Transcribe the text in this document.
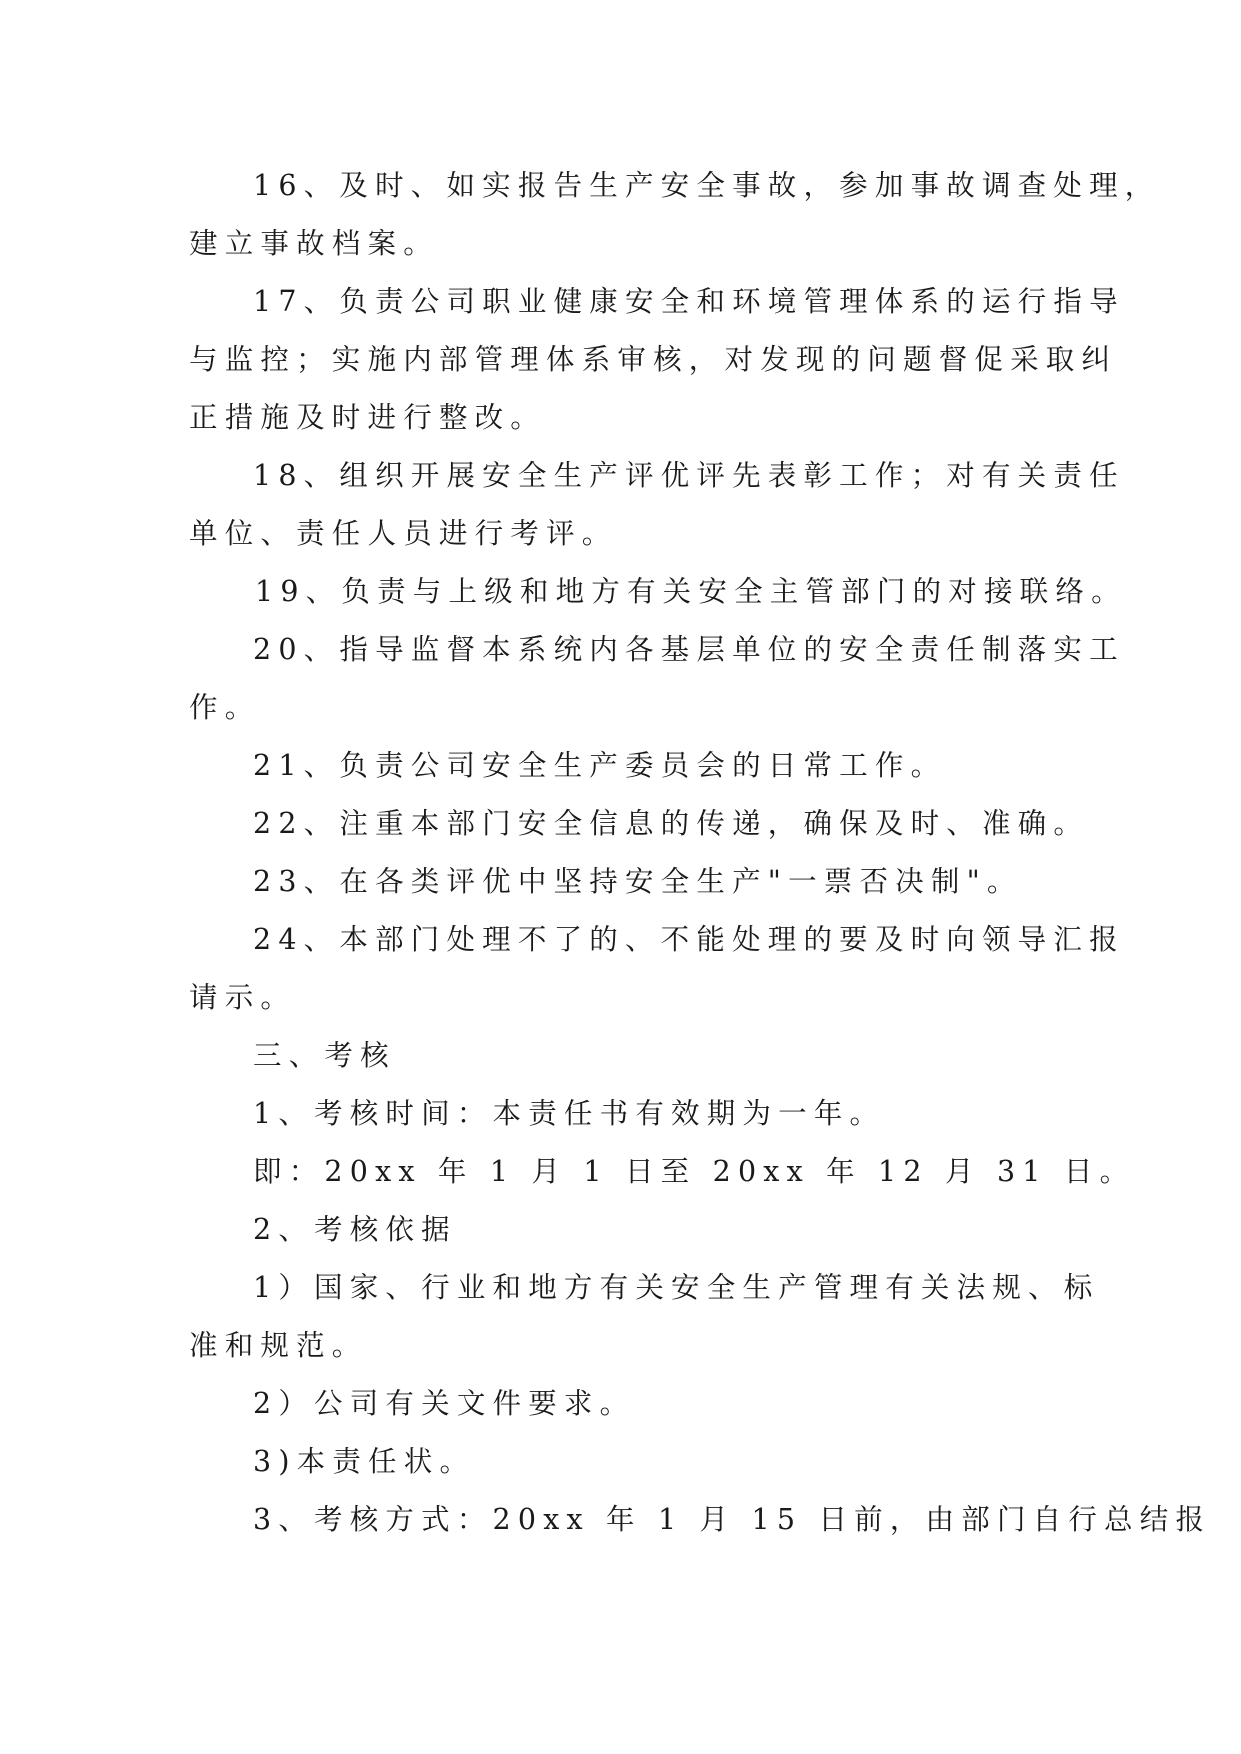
16、及时、如实报告生产安全事故，参加事故调查处理，
建立事故档案。
17、负责公司职业健康安全和环境管理体系的运行指导
与监控；实施内部管理体系审核，对发现的问题督促采取纠
正措施及时进行整改。
18、组织开展安全生产评优评先表彰工作；对有关责任
单位、责任人员进行考评。
19、负责与上级和地方有关安全主管部门的对接联络。
20、指导监督本系统内各基层单位的安全责任制落实工
作。
21、负责公司安全生产委员会的日常工作。
22、注重本部门安全信息的传递，确保及时、准确。
23、在各类评优中坚持安全生产"一票否决制"。
24、本部门处理不了的、不能处理的要及时向领导汇报
请示。
三、考核
1、考核时间：本责任书有效期为一年。
即：20xx 年 1 月 1 日至 20xx 年 12 月 31 日。
2、考核依据
1）国家、行业和地方有关安全生产管理有关法规、标
准和规范。
2）公司有关文件要求。
3)本责任状。
3、考核方式：20xx 年 1 月 15 日前，由部门自行总结报
